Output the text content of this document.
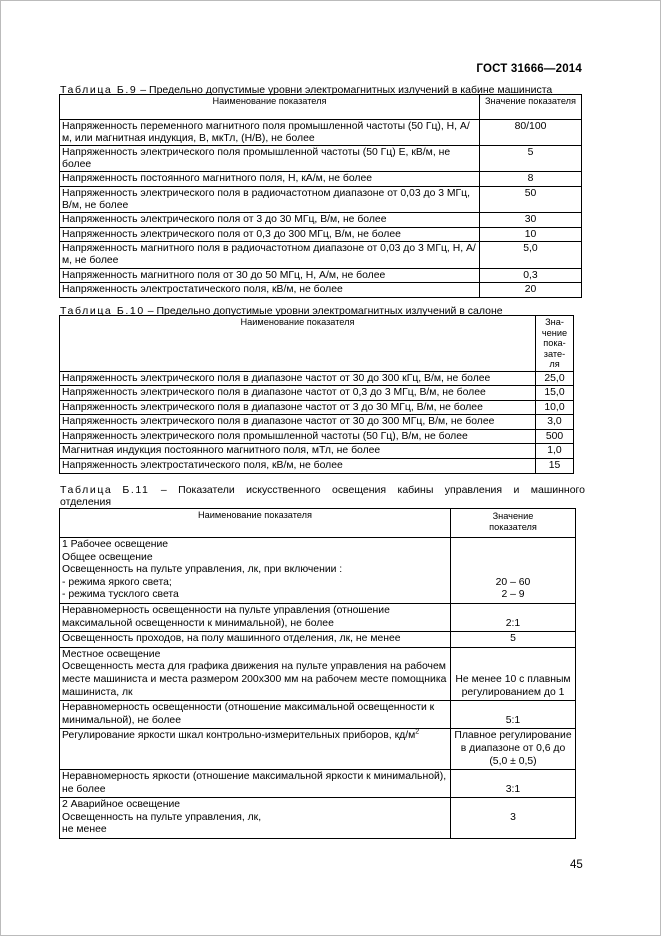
ГОСТ 31666—2014
Таблица Б.9 – Предельно допустимые уровни электромагнитных излучений в кабине машиниста
Наименование показателя	Значение показателя
Напряженность переменного магнитного поля промышленной частоты (50 Гц), Н, А/м, или магнитная индукция, В, мкТл, (Н/В), не более	80/100
Напряженность электрического поля промышленной частоты (50 Гц) Е, кВ/м, не более	5
Напряженность постоянного магнитного поля, Н, кА/м, не более	8
Напряженность электрического поля в радиочастотном диапазоне от 0,03 до 3 МГц, В/м, не более	50
Напряженность электрического поля от 3 до 30 МГц, В/м, не более	30
Напряженность электрического поля от 0,3 до 300 МГц, В/м, не более	10
Напряженность магнитного поля в радиочастотном диапазоне от 0,03 до 3 МГц, Н, А/м, не более	5,0
Напряженность магнитного поля от 30 до 50 МГц, Н, А/м, не более	0,3
Напряженность электростатического поля, кВ/м, не более	20
Таблица Б.10 – Предельно допустимые уровни электромагнитных излучений в салоне
Наименование показателя	Зна-
чение
пока-
зате-
ля
Напряженность электрического поля в диапазоне частот от 30 до 300 кГц, В/м, не более	25,0
Напряженность электрического поля в диапазоне частот от 0,3 до 3 МГц, В/м, не более	15,0
Напряженность электрического поля в диапазоне частот от 3 до 30 МГц, В/м, не более	10,0
Напряженность электрического поля в диапазоне частот от 30 до 300 МГц, В/м, не более	3,0
Напряженность электрического поля промышленной частоты (50 Гц), В/м, не более	500
Магнитная индукция постоянного магнитного поля, мТл, не более	1,0
Напряженность электростатического поля, кВ/м, не более	15
Таблица Б.11 – Показатели искусственного освещения кабины управления и машинного отделения
Наименование показателя	Значение показателя
1 Рабочее освещение
Общее освещение
Освещенность на пульте управления, лк, при включении :
- режима яркого света;
- режима тусклого света	20 – 60
2 – 9
Неравномерность освещенности на пульте управления (отношение максимальной освещенности к минимальной), не более	2:1
Освещенность проходов, на полу машинного отделения, лк, не менее	5
Местное освещение
Освещенность места для графика движения на пульте управления на рабочем месте машиниста и места размером 200х300 мм на рабочем месте помощника машиниста, лк	Не менее 10 с плавным регулированием до 1
Неравномерность освещенности (отношение максимальной освещенности к минимальной), не более	5:1
Регулирование яркости шкал контрольно-измерительных приборов, $кд/м^2$	Плавное регулирование в диапазоне от 0,6 до (5,0 ± 0,5)
Неравномерность яркости (отношение максимальной яркости к минимальной), не более	3:1
2 Аварийное освещение
Освещенность на пульте управления, лк,
не менее	3
45
